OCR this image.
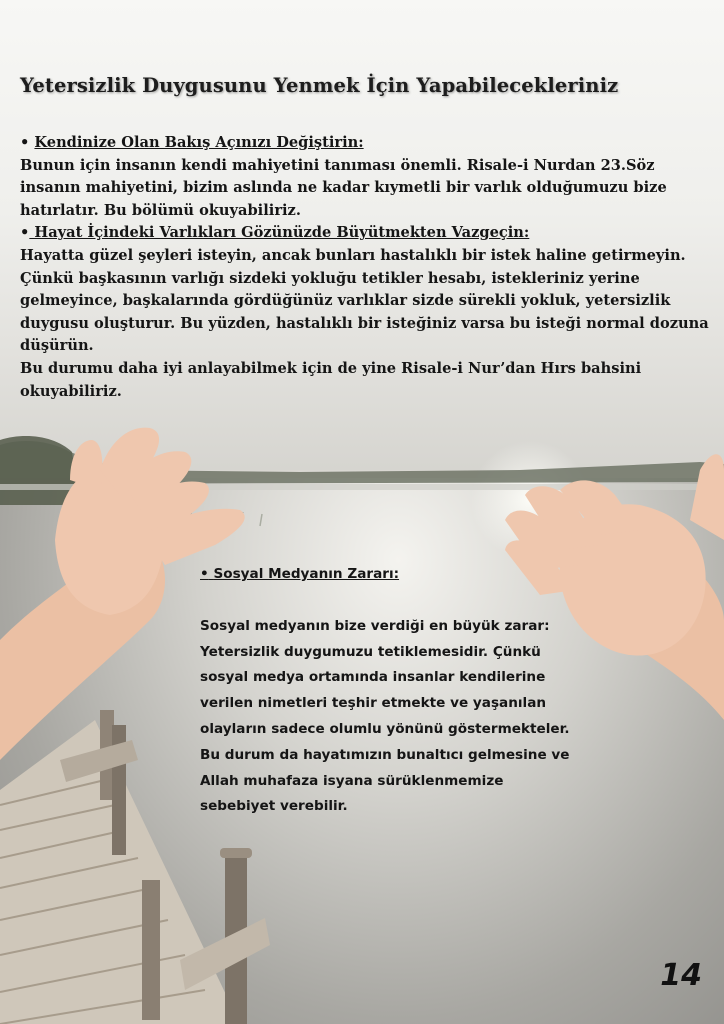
Yetersizlik Duygusunu Yenmek İçin Yapabilecekleriniz

• Kendinize Olan Bakış Açınızı Değiştirin:

Bunun için insanın kendi mahiyetini tanıması önemli. Risale-i Nurdan 23.Söz insanın mahiyetini, bizim aslında ne kadar kıymetli bir varlık olduğumuzu bize hatırlatır. Bu bölümü okuyabiliriz.

• Hayat İçindeki Varlıkları Gözünüzde Büyütmekten Vazgeçin:

Hayatta güzel şeyleri isteyin, ancak bunları hastalıklı bir istek haline getirmeyin. Çünkü başkasının varlığı sizdeki yokluğu tetikler hesabı, istekleriniz yerine gelmeyince, başkalarında gördüğünüz varlıklar sizde sürekli yokluk, yetersizlik duygusu oluşturur. Bu yüzden, hastalıklı bir isteğiniz varsa bu isteği normal dozuna düşürün.

Bu durumu daha iyi anlayabilmek için de yine Risale-i Nur’dan Hırs bahsini okuyabiliriz.

• Sosyal Medyanın Zararı:

Sosyal medyanın bize verdiği en büyük zarar: Yetersizlik duygumuzu tetiklemesidir. Çünkü sosyal medya ortamında insanlar kendilerine verilen nimetleri teşhir etmekte ve yaşanılan olayların sadece olumlu yönünü göstermekteler. Bu durum da hayatımızın bunaltıcı gelmesine ve Allah muhafaza isyana sürüklenmemize sebebiyet verebilir.

14
